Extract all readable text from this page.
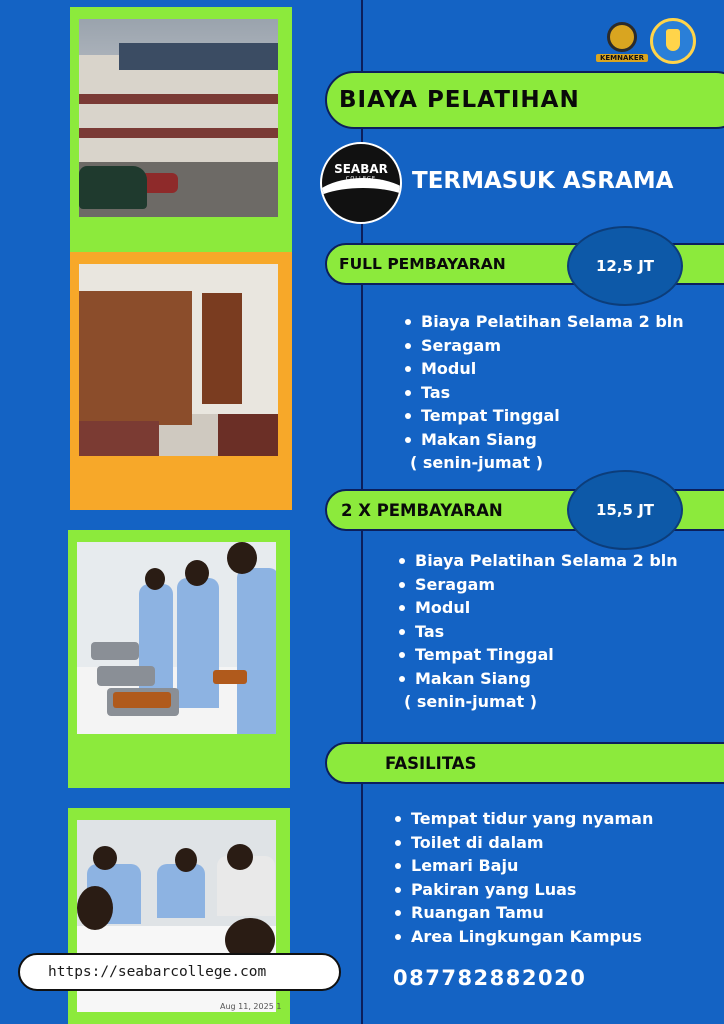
Aug 11, 2025 1
KEMNAKER
BIAYA PELATIHAN
SEABAR
COLLEGE	TERMASUK ASRAMA
FULL PEMBAYARAN	12,5 JT
Biaya Pelatihan Selama 2 bln
Seragam
Modul
Tas
Tempat Tinggal
Makan Siang
( senin-jumat )
2 X PEMBAYARAN	15,5 JT
Biaya Pelatihan Selama 2 bln
Seragam
Modul
Tas
Tempat Tinggal
Makan Siang
( senin-jumat )
FASILITAS
Tempat tidur yang nyaman
Toilet di dalam
Lemari Baju
Pakiran yang Luas
Ruangan Tamu
Area Lingkungan Kampus
https://seabarcollege.com	087782882020
